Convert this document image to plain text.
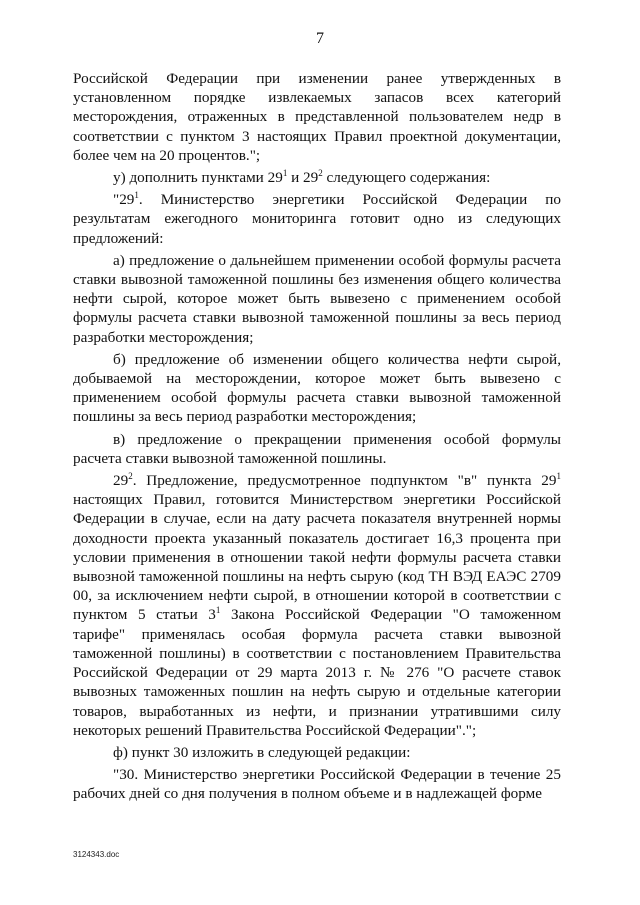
7

Российской Федерации при изменении ранее утвержденных в установленном порядке извлекаемых запасов всех категорий месторождения, отраженных в представленной пользователем недр в соответствии с пунктом 3 настоящих Правил проектной документации, более чем на 20 процентов.";

у) дополнить пунктами $29^1$ и $29^2$ следующего содержания:

"$29^1$. Министерство энергетики Российской Федерации по результатам ежегодного мониторинга готовит одно из следующих предложений:

а) предложение о дальнейшем применении особой формулы расчета ставки вывозной таможенной пошлины без изменения общего количества нефти сырой, которое может быть вывезено с применением особой формулы расчета ставки вывозной таможенной пошлины за весь период разработки месторождения;

б) предложение об изменении общего количества нефти сырой, добываемой на месторождении, которое может быть вывезено с применением особой формулы расчета ставки вывозной таможенной пошлины за весь период разработки месторождения;

в) предложение о прекращении применения особой формулы расчета ставки вывозной таможенной пошлины.

$29^2$. Предложение, предусмотренное подпунктом "в" пункта $29^1$ настоящих Правил, готовится Министерством энергетики Российской Федерации в случае, если на дату расчета показателя внутренней нормы доходности проекта указанный показатель достигает 16,3 процента при условии применения в отношении такой нефти формулы расчета ставки вывозной таможенной пошлины на нефть сырую (код ТН ВЭД ЕАЭС 2709 00, за исключением нефти сырой, в отношении которой в соответствии с пунктом 5 статьи $3^1$ Закона Российской Федерации "О таможенном тарифе" применялась особая формула расчета ставки вывозной таможенной пошлины) в соответствии с постановлением Правительства Российской Федерации от 29 марта 2013 г. № 276 "О расчете ставок вывозных таможенных пошлин на нефть сырую и отдельные категории товаров, выработанных из нефти, и признании утратившими силу некоторых решений Правительства Российской Федерации".";

ф) пункт 30 изложить в следующей редакции:

"30. Министерство энергетики Российской Федерации в течение 25 рабочих дней со дня получения в полном объеме и в надлежащей форме

3124343.doc
